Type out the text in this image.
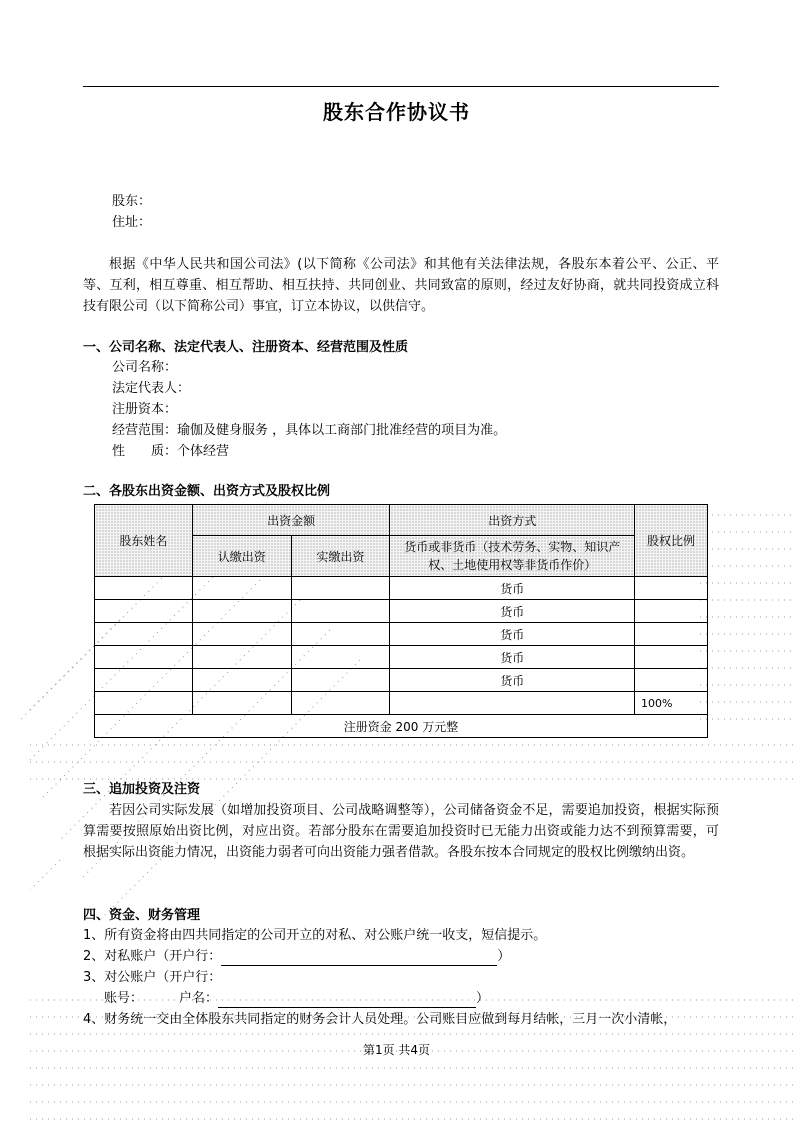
股东合作协议书
股东：
住址：

根据《中华人民共和国公司法》(以下简称《公司法》和其他有关法律法规，各股东本着公平、公正、平等、互利，相互尊重、相互帮助、相互扶持、共同创业、共同致富的原则，经过友好协商，就共同投资成立科技有限公司（以下简称公司）事宜，订立本协议，以供信守。

一、公司名称、法定代表人、注册资本、经营范围及性质
公司名称：
法定代表人：
注册资本：
经营范围：瑜伽及健身服务 ，具体以工商部门批准经营的项目为准。
性　　质：个体经营
二、各股东出资金额、出资方式及股权比例
股东姓名	出资金额		出资方式	股权比例
	认缴出资	实缴出资	货币或非货币（技术劳务、实物、知识产权、土地使用权等非货币作价）	
			货币	
			货币	
			货币	
			货币	
			货币	
				100%
注册资金 200 万元整				
三、追加投资及注资

若因公司实际发展（如增加投资项目、公司战略调整等），公司储备资金不足，需要追加投资，根据实际预算需要按照原始出资比例，对应出资。若部分股东在需要追加投资时已无能力出资或能力达不到预算需要，可根据实际出资能力情况，出资能力弱者可向出资能力强者借款。各股东按本合同规定的股权比例缴纳出资。

四、资金、财务管理
1、所有资金将由四共同指定的公司开立的对私、对公账户统一收支，短信提示。
2、对私账户（开户行：	）
3、对公账户（开户行：
账号：	户名：	）
4、财务统一交由全体股东共同指定的财务会计人员处理。公司账目应做到每月结帐，三月一次小清帐，
第1页 共4页
